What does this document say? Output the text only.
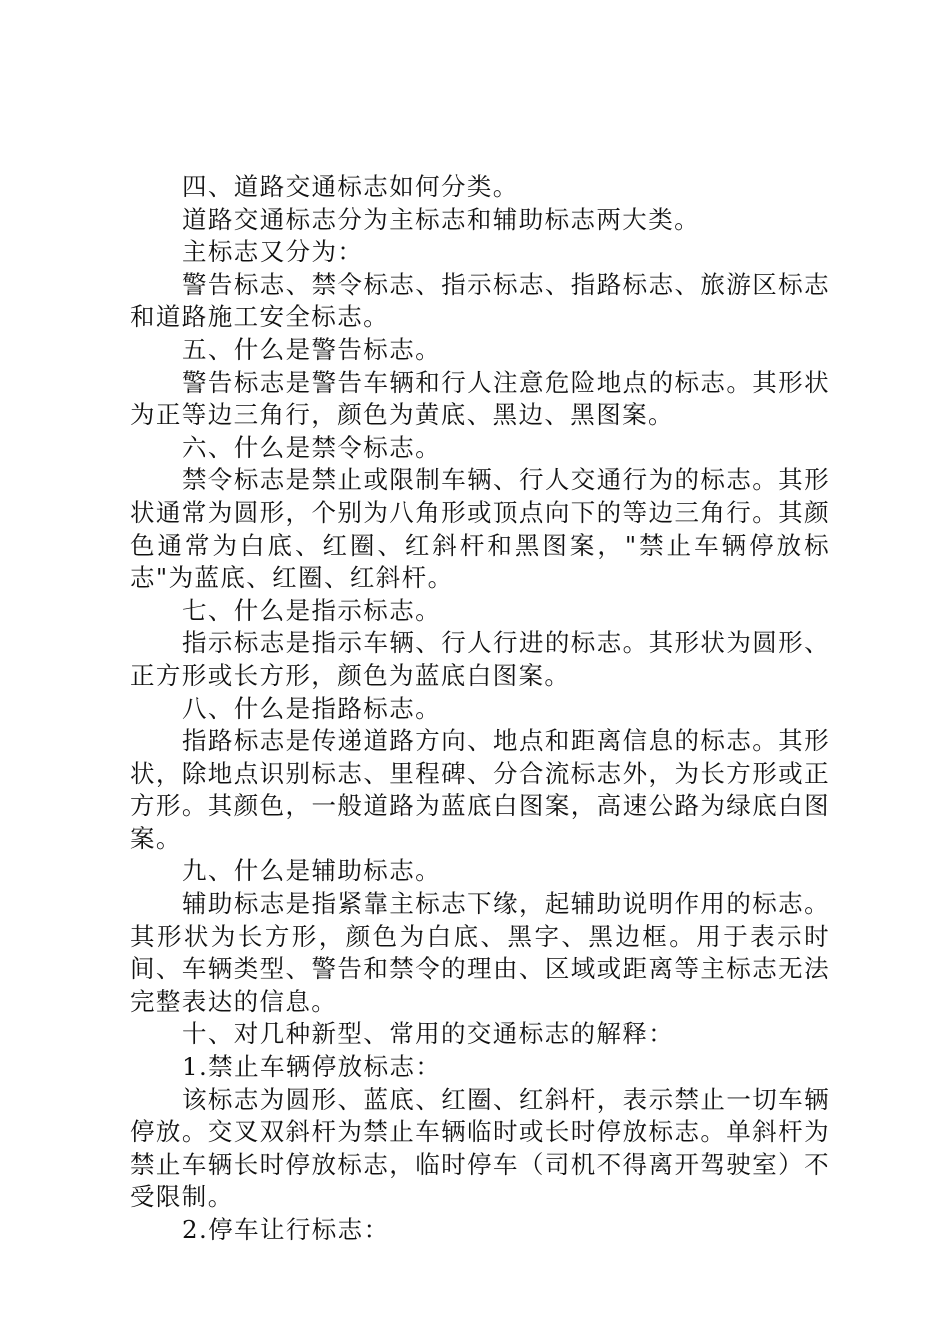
四、道路交通标志如何分类。

道路交通标志分为主标志和辅助标志两大类。

主标志又分为：

警告标志、禁令标志、指示标志、指路标志、旅游区标志和道路施工安全标志。

五、什么是警告标志。

警告标志是警告车辆和行人注意危险地点的标志。其形状为正等边三角行，颜色为黄底、黑边、黑图案。

六、什么是禁令标志。

禁令标志是禁止或限制车辆、行人交通行为的标志。其形状通常为圆形，个别为八角形或顶点向下的等边三角行。其颜色通常为白底、红圈、红斜杆和黑图案，"禁止车辆停放标志"为蓝底、红圈、红斜杆。

七、什么是指示标志。

指示标志是指示车辆、行人行进的标志。其形状为圆形、正方形或长方形，颜色为蓝底白图案。

八、什么是指路标志。

指路标志是传递道路方向、地点和距离信息的标志。其形状，除地点识别标志、里程碑、分合流标志外，为长方形或正方形。其颜色，一般道路为蓝底白图案，高速公路为绿底白图案。

九、什么是辅助标志。

辅助标志是指紧靠主标志下缘，起辅助说明作用的标志。其形状为长方形，颜色为白底、黑字、黑边框。用于表示时间、车辆类型、警告和禁令的理由、区域或距离等主标志无法完整表达的信息。

十、对几种新型、常用的交通标志的解释：

1.禁止车辆停放标志：

该标志为圆形、蓝底、红圈、红斜杆，表示禁止一切车辆停放。交叉双斜杆为禁止车辆临时或长时停放标志。单斜杆为禁止车辆长时停放标志，临时停车（司机不得离开驾驶室）不受限制。

2.停车让行标志：
